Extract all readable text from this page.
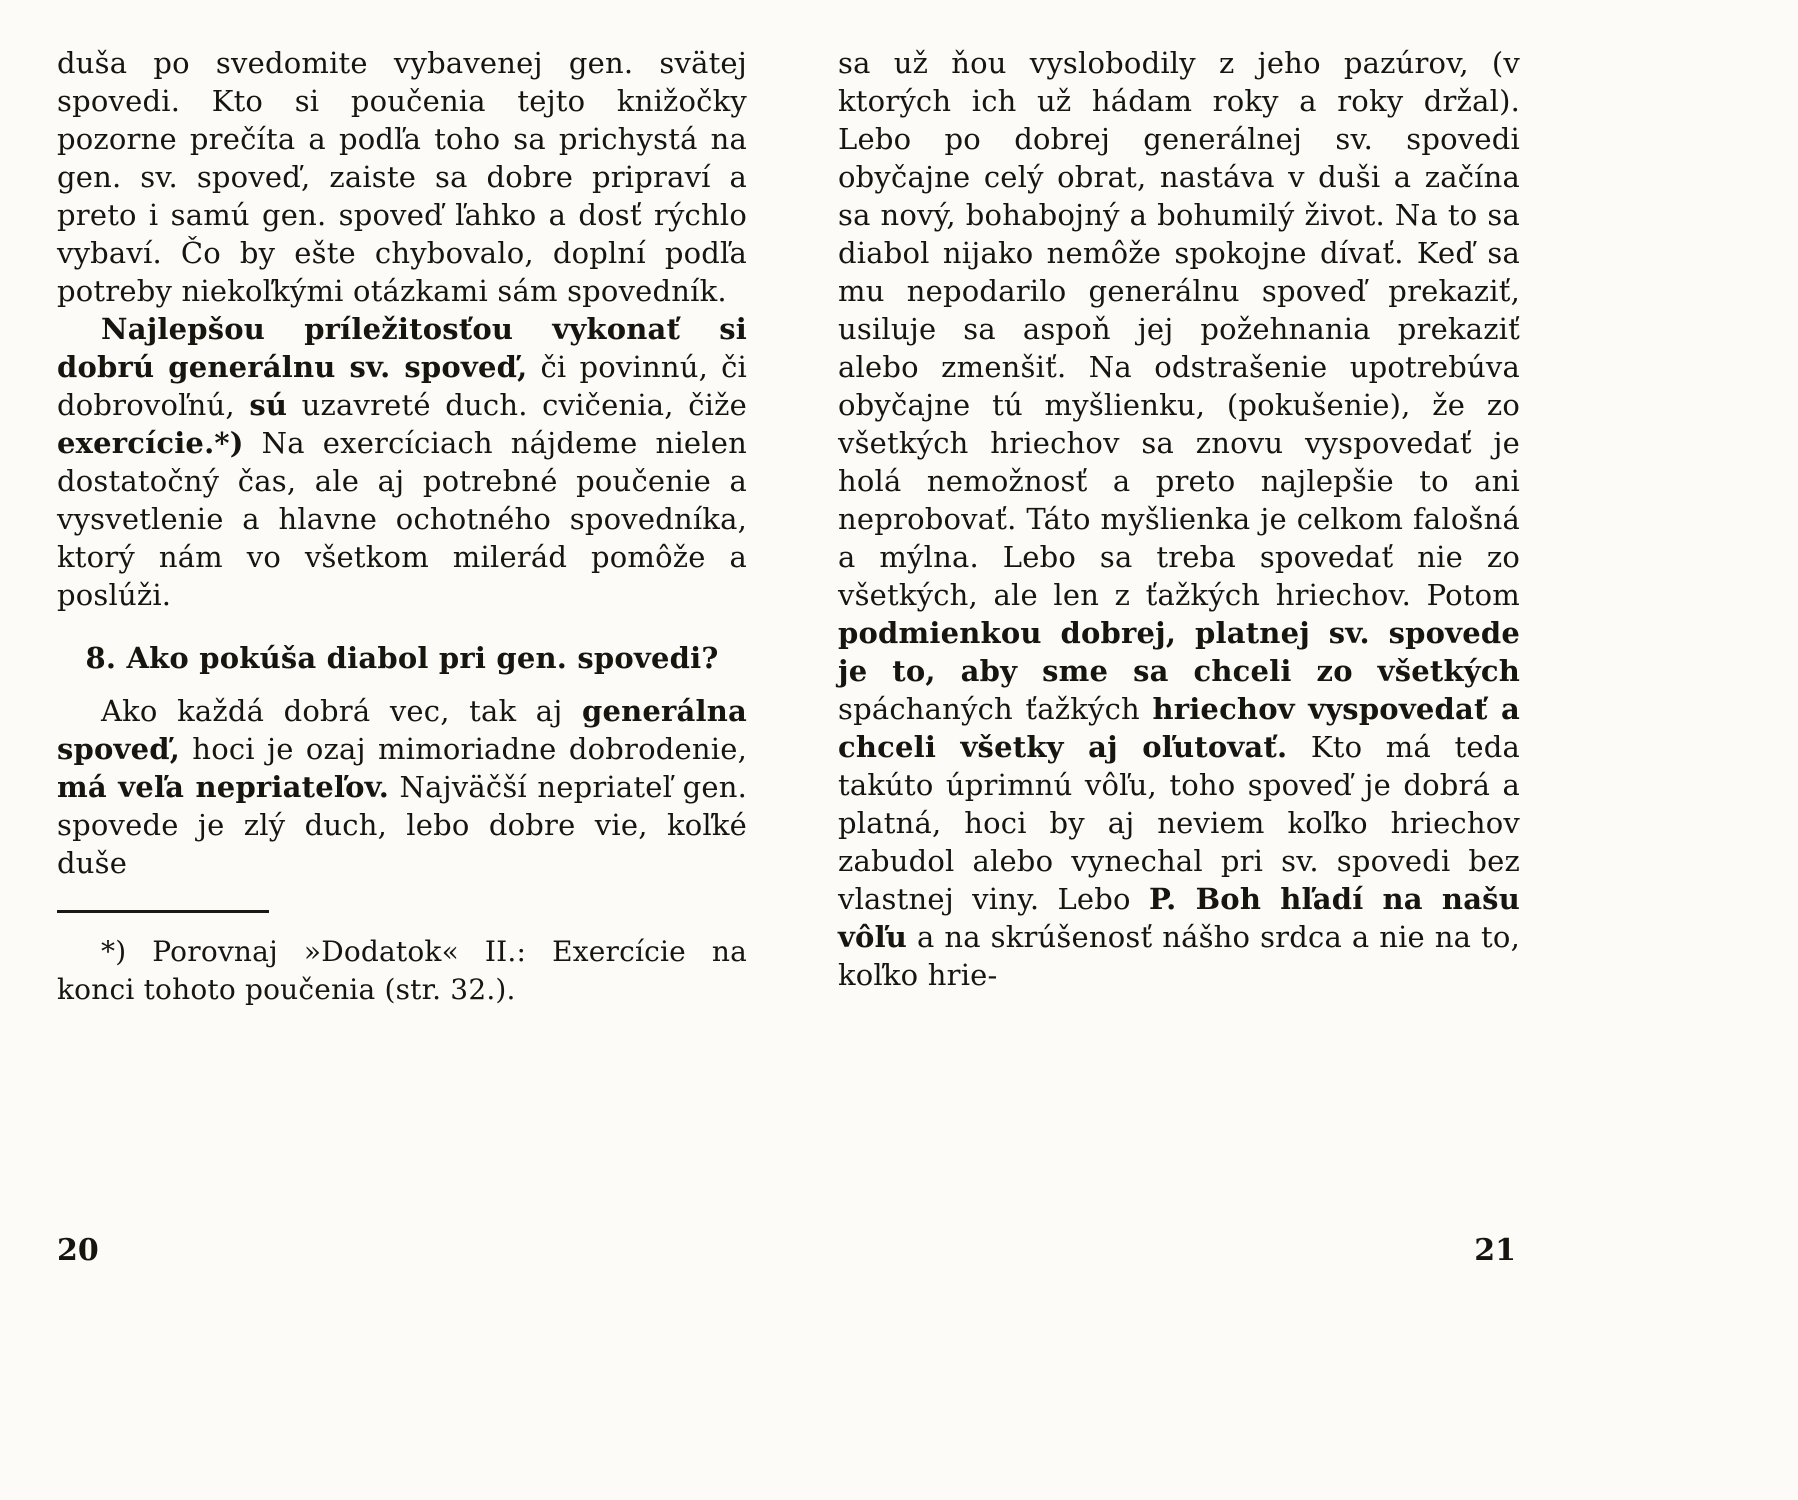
duša po svedomite vybavenej gen. svätej spovedi. Kto si poučenia tejto knižočky pozorne prečíta a podľa toho sa prichystá na gen. sv. spoveď, zaiste sa dobre pripraví a preto i samú gen. spoveď ľahko a dosť rýchlo vybaví. Čo by ešte chybovalo, doplní podľa potreby niekoľkými otázkami sám spovedník.

Najlepšou príležitosťou vykonať si dobrú generálnu sv. spoveď, či povinnú, či dobrovoľnú, sú uzavreté duch. cvičenia, čiže exercície.*) Na exercíciach nájdeme nielen dostatočný čas, ale aj potrebné poučenie a vysvetlenie a hlavne ochotného spovedníka, ktorý nám vo všetkom milerád pomôže a poslúži.

8. Ako pokúša diabol pri gen. spovedi?

Ako každá dobrá vec, tak aj generálna spoveď, hoci je ozaj mimoriadne dobrodenie, má veľa nepriateľov. Najväčší nepriateľ gen. spovede je zlý duch, lebo dobre vie, koľké duše

*) Porovnaj »Dodatok« II.: Exercície na konci tohoto poučenia (str. 32.).

20

sa už ňou vyslobodily z jeho pazúrov, (v ktorých ich už hádam roky a roky držal). Lebo po dobrej generálnej sv. spovedi obyčajne celý obrat, nastáva v duši a začína sa nový, bohabojný a bohumilý život. Na to sa diabol nijako nemôže spokojne dívať. Keď sa mu nepodarilo generálnu spoveď prekaziť, usiluje sa aspoň jej požehnania prekaziť alebo zmenšiť. Na odstrašenie upotrebúva obyčajne tú myšlienku, (pokušenie), že zo všetkých hriechov sa znovu vyspovedať je holá nemožnosť a preto najlepšie to ani neprobovať. Táto myšlienka je celkom falošná a mýlna. Lebo sa treba spovedať nie zo všetkých, ale len z ťažkých hriechov. Potom podmienkou dobrej, platnej sv. spovede je to, aby sme sa chceli zo všetkých spáchaných ťažkých hriechov vyspovedať a chceli všetky aj oľutovať. Kto má teda takúto úprimnú vôľu, toho spoveď je dobrá a platná, hoci by aj neviem koľko hriechov zabudol alebo vynechal pri sv. spovedi bez vlastnej viny. Lebo P. Boh hľadí na našu vôľu a na skrúšenosť nášho srdca a nie na to, koľko hrie-

21
